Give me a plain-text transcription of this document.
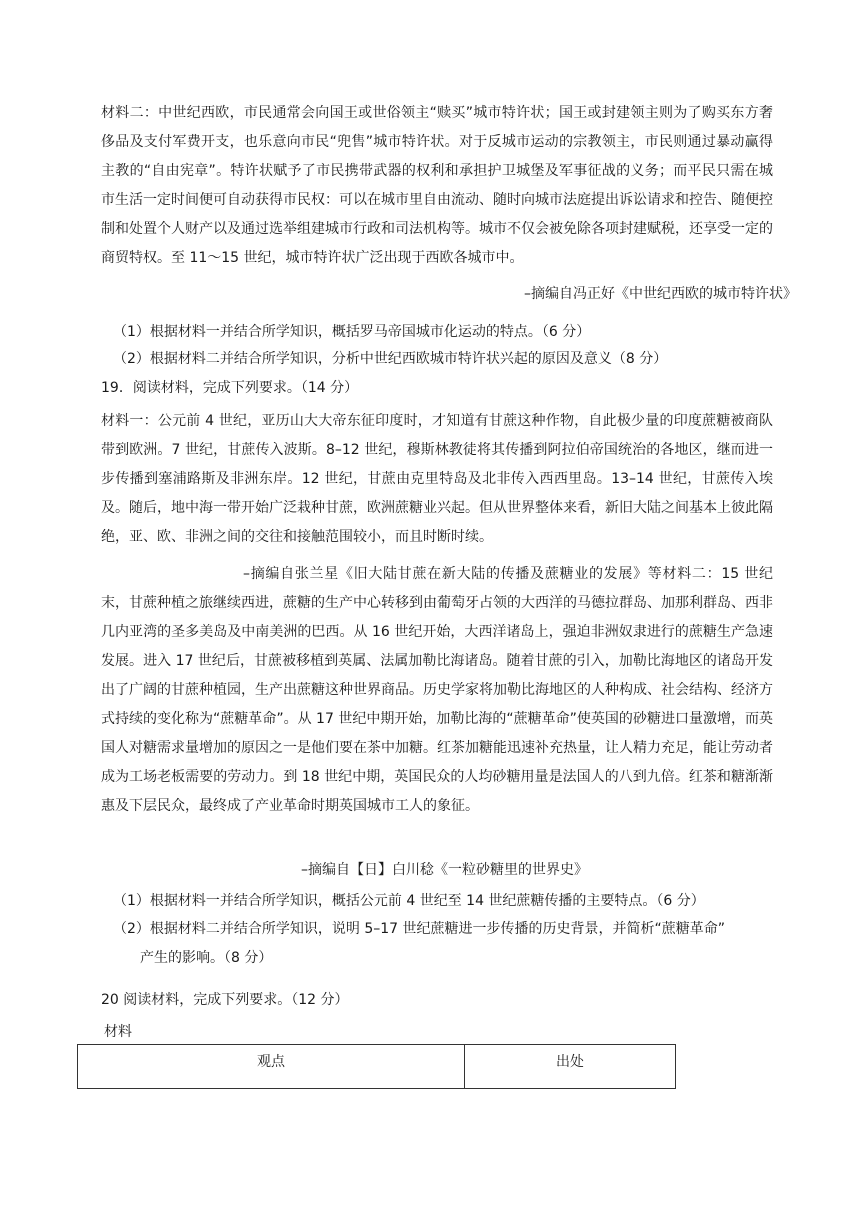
材料二：中世纪西欧，市民通常会向国王或世俗领主“赎买”城市特许状；国王或封建领主则为了购买东方奢侈品及支付军费开支，也乐意向市民“兜售”城市特许状。对于反城市运动的宗教领主，市民则通过暴动赢得主教的“自由宪章”。特许状赋予了市民携带武器的权利和承担护卫城堡及军事征战的义务；而平民只需在城市生活一定时间便可自动获得市民权：可以在城市里自由流动、随时向城市法庭提出诉讼请求和控告、随便控制和处置个人财产以及通过选举组建城市行政和司法机构等。城市不仅会被免除各项封建赋税，还享受一定的商贸特权。至 11～15 世纪，城市特许状广泛出现于西欧各城市中。

–摘编自冯正好《中世纪西欧的城市特许状》
（1）根据材料一并结合所学知识，概括罗马帝国城市化运动的特点。（6 分）
（2）根据材料二并结合所学知识，分析中世纪西欧城市特许状兴起的原因及意义（8 分）
19．阅读材料，完成下列要求。（14 分）

材料一：公元前 4 世纪，亚历山大大帝东征印度时，才知道有甘蔗这种作物，自此极少量的印度蔗糖被商队带到欧洲。7 世纪，甘蔗传入波斯。8–12 世纪，穆斯林教徒将其传播到阿拉伯帝国统治的各地区，继而进一步传播到塞浦路斯及非洲东岸。12 世纪，甘蔗由克里特岛及北非传入西西里岛。13–14 世纪，甘蔗传入埃及。随后，地中海一带开始广泛栽种甘蔗，欧洲蔗糖业兴起。但从世界整体来看，新旧大陆之间基本上彼此隔绝，亚、欧、非洲之间的交往和接触范围较小，而且时断时续。

–摘编自张兰星《旧大陆甘蔗在新大陆的传播及蔗糖业的发展》等材料二：15 世纪末，甘蔗种植之旅继续西进，蔗糖的生产中心转移到由葡萄牙占领的大西洋的马德拉群岛、加那利群岛、西非几内亚湾的圣多美岛及中南美洲的巴西。从 16 世纪开始，大西洋诸岛上，强迫非洲奴隶进行的蔗糖生产急速发展。进入 17 世纪后，甘蔗被移植到英属、法属加勒比海诸岛。随着甘蔗的引入，加勒比海地区的诸岛开发出了广阔的甘蔗种植园，生产出蔗糖这种世界商品。历史学家将加勒比海地区的人种构成、社会结构、经济方式持续的变化称为“蔗糖革命”。从 17 世纪中期开始，加勒比海的“蔗糖革命”使英国的砂糖进口量激增，而英国人对糖需求量增加的原因之一是他们要在茶中加糖。红茶加糖能迅速补充热量，让人精力充足，能让劳动者成为工场老板需要的劳动力。到 18 世纪中期，英国民众的人均砂糖用量是法国人的八到九倍。红茶和糖渐渐惠及下层民众，最终成了产业革命时期英国城市工人的象征。

–摘编自【日】白川稔《一粒砂糖里的世界史》
（1）根据材料一并结合所学知识，概括公元前 4 世纪至 14 世纪蔗糖传播的主要特点。（6 分）
（2）根据材料二并结合所学知识，说明 5–17 世纪蔗糖进一步传播的历史背景，并简析“蔗糖革命”
产生的影响。（8 分）
20 阅读材料，完成下列要求。（12 分）
材料
观点	出处
